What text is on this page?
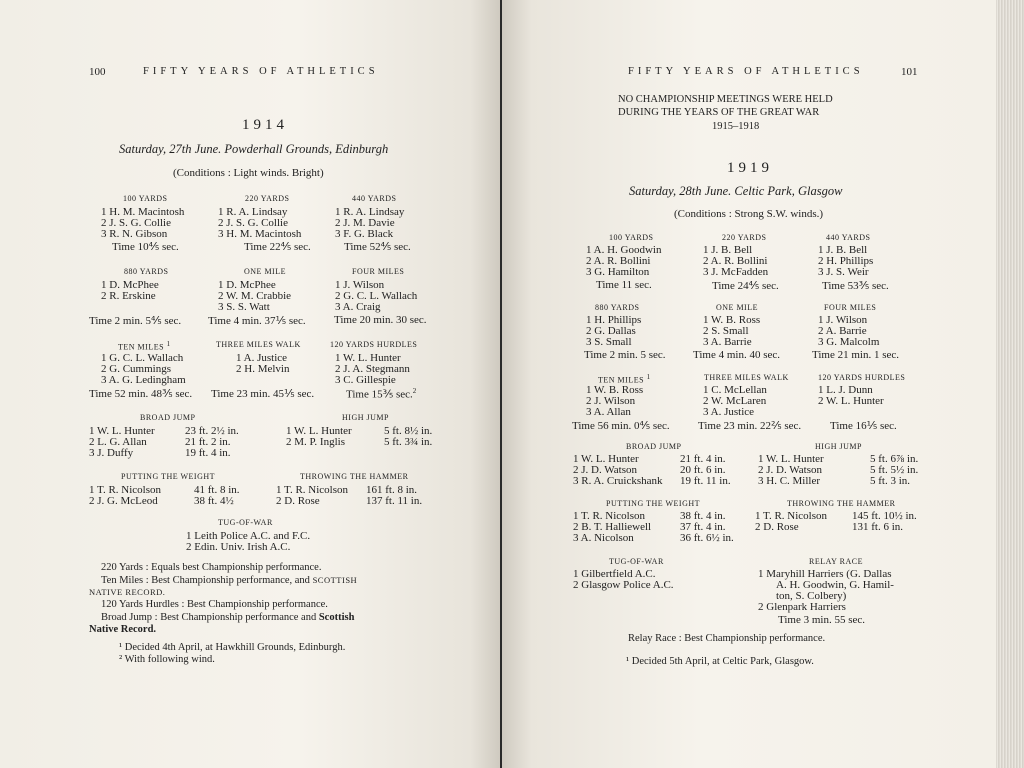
100	FIFTY YEARS OF ATHLETICS
1914
Saturday, 27th June. Powderhall Grounds, Edinburgh
(Conditions : Light winds. Bright)
100 YARDS
1 H. M. Macintosh
2 J. S. G. Collie
3 R. N. Gibson
Time 10⅘ sec.
220 YARDS
1 R. A. Lindsay
2 J. S. G. Collie
3 H. M. Macintosh
Time 22⅘ sec.
440 YARDS
1 R. A. Lindsay
2 J. M. Davie
3 F. G. Black
Time 52⅘ sec.
880 YARDS
1 D. McPhee
2 R. Erskine
Time 2 min. 5⅘ sec.
ONE MILE
1 D. McPhee
2 W. M. Crabbie
3 S. S. Watt
Time 4 min. 37⅕ sec.
FOUR MILES
1 J. Wilson
2 G. C. L. Wallach
3 A. Craig
Time 20 min. 30 sec.
TEN MILES $^1$
1 G. C. L. Wallach
2 G. Cummings
3 A. G. Ledingham
Time 52 min. 48⅗ sec.
THREE MILES WALK
1 A. Justice
2 H. Melvin
Time 23 min. 45⅕ sec.
120 YARDS HURDLES
1 W. L. Hunter
2 J. A. Stegmann
3 C. Gillespie
Time 15⅗ sec.$^2$
BROAD JUMP
1 W. L. Hunter	23 ft. 2½ in.
2 L. G. Allan	21 ft. 2 in.
3 J. Duffy	19 ft. 4 in.
HIGH JUMP
1 W. L. Hunter	5 ft. 8½ in.
2 M. P. Inglis	5 ft. 3¾ in.
PUTTING THE WEIGHT
1 T. R. Nicolson	41 ft. 8 in.
2 J. G. McLeod	38 ft. 4½
THROWING THE HAMMER
1 T. R. Nicolson 161 ft. 8 in.
2 D. Rose	137 ft. 11 in.
TUG-OF-WAR
1 Leith Police A.C. and F.C.
2 Edin. Univ. Irish A.C.
220 Yards : Equals best Championship performance.
Ten Miles : Best Championship performance, and SCOTTISH
NATIVE RECORD.
120 Yards Hurdles : Best Championship performance.
Broad Jump : Best Championship performance and Scottish
Native Record.
¹ Decided 4th April, at Hawkhill Grounds, Edinburgh.
² With following wind.
FIFTY YEARS OF ATHLETICS	101
NO CHAMPIONSHIP MEETINGS WERE HELD
DURING THE YEARS OF THE GREAT WAR
1915–1918
1919
Saturday, 28th June. Celtic Park, Glasgow
(Conditions : Strong S.W. winds.)
100 YARDS
1 A. H. Goodwin
2 A. R. Bollini
3 G. Hamilton
Time 11 sec.
220 YARDS
1 J. B. Bell
2 A. R. Bollini
3 J. McFadden
Time 24⅘ sec.
440 YARDS
1 J. B. Bell
2 H. Phillips
3 J. S. Weir
Time 53⅗ sec.
880 YARDS
1 H. Phillips
2 G. Dallas
3 S. Small
Time 2 min. 5 sec.
ONE MILE
1 W. B. Ross
2 S. Small
3 A. Barrie
Time 4 min. 40 sec.
FOUR MILES
1 J. Wilson
2 A. Barrie
3 G. Malcolm
Time 21 min. 1 sec.
TEN MILES $^1$
1 W. B. Ross
2 J. Wilson
3 A. Allan
Time 56 min. 0⅘ sec.
THREE MILES WALK
1 C. McLellan
2 W. McLaren
3 A. Justice
Time 23 min. 22⅖ sec.
120 YARDS HURDLES
1 L. J. Dunn
2 W. L. Hunter
Time 16⅕ sec.
BROAD JUMP
1 W. L. Hunter	21 ft. 4 in.
2 J. D. Watson	20 ft. 6 in.
3 R. A. Cruickshank 19 ft. 11 in.
HIGH JUMP
1 W. L. Hunter	5 ft. 6⅞ in.
2 J. D. Watson	5 ft. 5½ in.
3 H. C. Miller	5 ft. 3 in.
PUTTING THE WEIGHT
1 T. R. Nicolson	38 ft. 4 in.
2 B. T. Halliewell	37 ft. 4 in.
3 A. Nicolson	36 ft. 6½ in.
THROWING THE HAMMER
1 T. R. Nicolson 145 ft. 10½ in.
2 D. Rose	131 ft. 6 in.
TUG-OF-WAR
1 Gilbertfield A.C.
2 Glasgow Police A.C.
RELAY RACE
1 Maryhill Harriers (G. Dallas
A. H. Goodwin, G. Hamil-
ton, S. Colbery)
2 Glenpark Harriers
Time 3 min. 55 sec.
Relay Race : Best Championship performance.
¹ Decided 5th April, at Celtic Park, Glasgow.
